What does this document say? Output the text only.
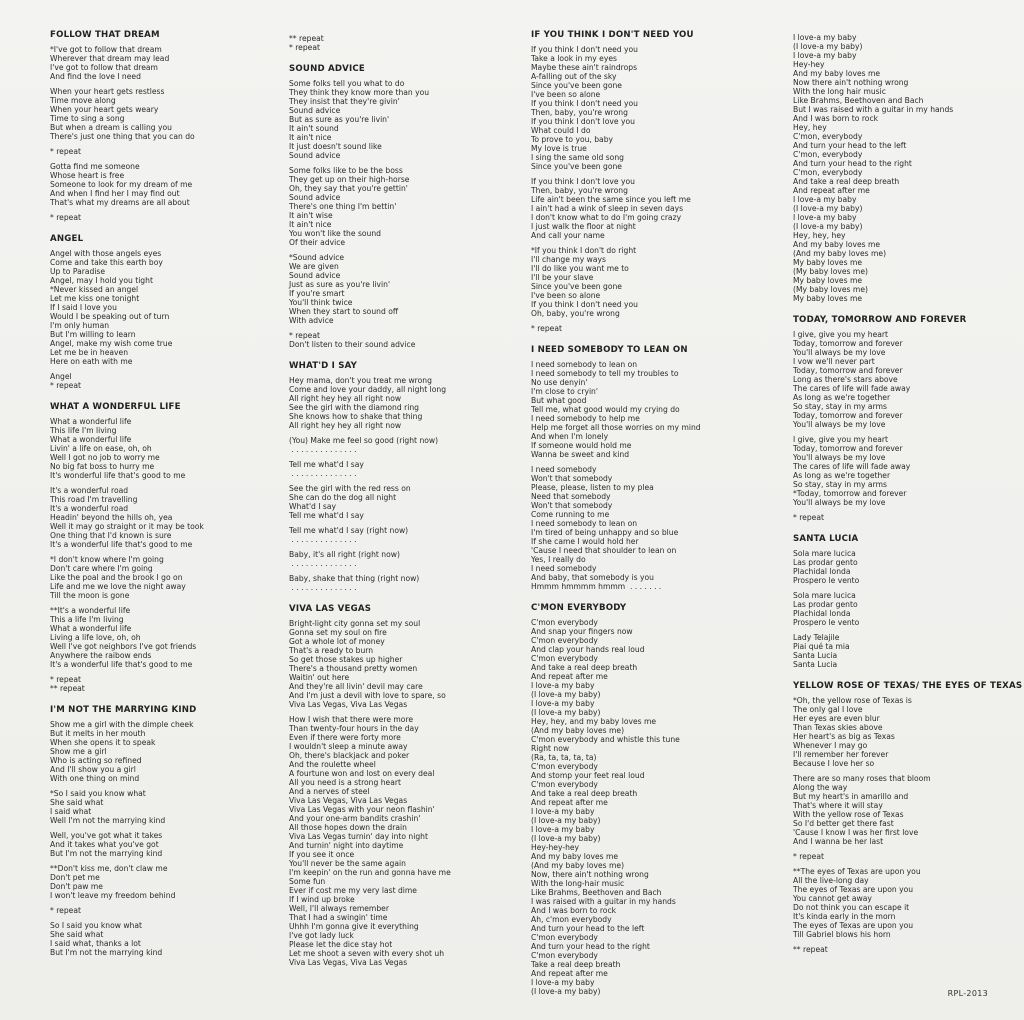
FOLLOW THAT DREAM
*I've got to follow that dream
Wherever that dream may lead
I've got to follow that dream
And find the love I need
When your heart gets restless
Time move along
When your heart gets weary
Time to sing a song
But when a dream is calling you
There's just one thing that you can do
* repeat
Gotta find me someone
Whose heart is free
Someone to look for my dream of me
And when I find her I may find out
That's what my dreams are all about
* repeat
ANGEL
Angel with those angels eyes
Come and take this earth boy
Up to Paradise
Angel, may I hold you tight
*Never kissed an angel
Let me kiss one tonight
If I said I love you
Would I be speaking out of turn
I'm only human
But I'm willing to learn
Angel, make my wish come true
Let me be in heaven
Here on eath with me
Angel
* repeat
WHAT A WONDERFUL LIFE
What a wonderful life
This life I'm living
What a wonderful life
Livin' a life on ease, oh, oh
Well I got no job to worry me
No big fat boss to hurry me
It's wonderful life that's good to me
It's a wonderful road
This road I'm travelling
It's a wonderful road
Headin' beyond the hills oh, yea
Well it may go straight or it may be took
One thing that I'd known is sure
It's a wonderful life that's good to me
*I don't know where I'm going
Don't care where I'm going
Like the poal and the brook I go on
Life and me we love the night away
Till the moon is gone
**It's a wonderful life
This a life I'm living
What a wonderful life
Living a life love, oh, oh
Well I've got neighbors I've got friends
Anywhere the raibow ends
It's a wonderful life that's good to me
* repeat
** repeat
I'M NOT THE MARRYING KIND
Show me a girl with the dimple cheek
But it melts in her mouth
When she opens it to speak
Show me a girl
Who is acting so refined
And I'll show you a girl
With one thing on mind
*So I said you know what
She said what
I said what
Well I'm not the marrying kind
Well, you've got what it takes
And it takes what you've got
But I'm not the marrying kind
**Don't kiss me, don't claw me
Don't pet me
Don't paw me
I won't leave my freedom behind
* repeat
So I said you know what
She said what
I said what, thanks a lot
But I'm not the marrying kind
** repeat
* repeat
SOUND ADVICE
Some folks tell you what to do
They think they know more than you
They insist that they're givin'
Sound advice
But as sure as you're livin'
It ain't sound
It ain't nice
It just doesn't sound like
Sound advice
Some folks like to be the boss
They get up on their high-horse
Oh, they say that you're gettin'
Sound advice
There's one thing I'm bettin'
It ain't wise
It ain't nice
You won't like the sound
Of their advice
*Sound advice
We are given
Sound advice
Just as sure as you're livin'
If you're smart
You'll think twice
When they start to sound off
With advice
* repeat
Don't listen to their sound advice
WHAT'D I SAY
Hey mama, don't you treat me wrong
Come and love your daddy, all night long
All right hey hey all right now
See the girl with the diamond ring
She knows how to shake that thing
All right hey hey all right now
(You) Make me feel so good (right now)
. . . . . . . . . . . . . .
Tell me what'd I say
. . . . . . . . . . . . . .
See the girl with the red ress on
She can do the dog all night
What'd I say
Tell me what'd I say
Tell me what'd I say (right now)
. . . . . . . . . . . . . .
Baby, it's all right (right now)
. . . . . . . . . . . . . .
Baby, shake that thing (right now)
. . . . . . . . . . . . . .
VIVA LAS VEGAS
Bright-light city gonna set my soul
Gonna set my soul on fire
Got a whole lot of money
That's a ready to burn
So get those stakes up higher
There's a thousand pretty women
Waitin' out here
And they're all livin' devil may care
And I'm just a devil with love to spare, so
Viva Las Vegas, Viva Las Vegas
How I wish that there were more
Than twenty-four hours in the day
Even if there were forty more
I wouldn't sleep a minute away
Oh, there's blackjack and poker
And the roulette wheel
A fourtune won and lost on every deal
All you need is a strong heart
And a nerves of steel
Viva Las Vegas, Viva Las Vegas
Viva Las Vegas with your neon flashin'
And your one-arm bandits crashin'
All those hopes down the drain
Viva Las Vegas turnin' day into night
And turnin' night into daytime
If you see it once
You'll never be the same again
I'm keepin' on the run and gonna have me
Some fun
Ever if cost me my very last dime
If I wind up broke
Well, I'll always remember
That I had a swingin' time
Uhhh I'm gonna give it everything
I've got lady luck
Please let the dice stay hot
Let me shoot a seven with every shot uh
Viva Las Vegas, Viva Las Vegas
IF YOU THINK I DON'T NEED YOU
If you think I don't need you
Take a look in my eyes
Maybe these ain't raindrops
A-falling out of the sky
Since you've been gone
I've been so alone
If you think I don't need you
Then, baby, you're wrong
If you think I don't love you
What could I do
To prove to you, baby
My love is true
I sing the same old song
Since you've been gone
If you think I don't love you
Then, baby, you're wrong
Life ain't been the same since you left me
I ain't had a wink of sleep in seven days
I don't know what to do I'm going crazy
I just walk the floor at night
And call your name
*If you think I don't do right
I'll change my ways
I'll do like you want me to
I'll be your slave
Since you've been gone
I've been so alone
If you think I don't need you
Oh, baby, you're wrong
* repeat
I NEED SOMEBODY TO LEAN ON
I need somebody to lean on
I need somebody to tell my troubles to
No use denyin'
I'm close to cryin'
But what good
Tell me, what good would my crying do
I need somebody to help me
Help me forget all those worries on my mind
And when I'm lonely
If someone would hold me
Wanna be sweet and kind
I need somebody
Won't that somebody
Please, please, listen to my plea
Need that somebody
Won't that somebody
Come running to me
I need somebody to lean on
I'm tired of being unhappy and so blue
If she came I would hold her
'Cause I need that shoulder to lean on
Yes, I really do
I need somebody
And baby, that somebody is you
Hmmm hmmmm hmmm  . . . . . . .
C'MON EVERYBODY
C'mon everybody
And snap your fingers now
C'mon everybody
And clap your hands real loud
C'mon everybody
And take a real deep breath
And repeat after me
I love-a my baby
(I love-a my baby)
I love-a my baby
(I love-a my baby)
Hey, hey, and my baby loves me
(And my baby loves me)
C'mon everybody and whistle this tune
Right now
(Ra, ta, ta, ta, ta)
C'mon everybody
And stomp your feet real loud
C'mon everybody
And take a real deep breath
And repeat after me
I love-a my baby
(I love-a my baby)
I love-a my baby
(I love-a my baby)
Hey-hey-hey
And my baby loves me
(And my baby loves me)
Now, there ain't nothing wrong
With the long-hair music
Like Brahms, Beethoven and Bach
I was raised with a guitar in my hands
And I was born to rock
Ah, c'mon everybody
And turn your head to the left
C'mon everybody
And turn your head to the right
C'mon everybody
Take a real deep breath
And repeat after me
I love-a my baby
(I love-a my baby)
I love-a my baby
(I love-a my baby)
I love-a my baby
Hey-hey
And my baby loves me
Now there ain't nothing wrong
With the long hair music
Like Brahms, Beethoven and Bach
But I was raised with a guitar in my hands
And I was born to rock
Hey, hey
C'mon, everybody
And turn your head to the left
C'mon, everybody
And turn your head to the right
C'mon, everybody
And take a real deep breath
And repeat after me
I love-a my baby
(I love-a my baby)
I love-a my baby
(I love-a my baby)
Hey, hey, hey
And my baby loves me
(And my baby loves me)
My baby loves me
(My baby loves me)
My baby loves me
(My baby loves me)
My baby loves me
TODAY, TOMORROW AND FOREVER
I give, give you my heart
Today, tomorrow and forever
You'll always be my love
I vow we'll never part
Today, tomorrow and forever
Long as there's stars above
The cares of life will fade away
As long as we're together
So stay, stay in my arms
Today, tomorrow and forever
You'll always be my love
I give, give you my heart
Today, tomorrow and forever
You'll always be my love
The cares of life will fade away
As long as we're together
So stay, stay in my arms
*Today, tomorrow and forever
You'll always be my love
* repeat
SANTA LUCIA
Sola mare lucica
Las prodar gento
Plachidal londa
Prospero le vento
Sola mare lucica
Las prodar gento
Plachidal londa
Prospero le vento
Lady Telajile
Piai qué ta mia
Santa Lucia
Santa Lucia
YELLOW ROSE OF TEXAS/ THE EYES OF TEXAS
*Oh, the yellow rose of Texas is
The only gal I love
Her eyes are even blur
Than Texas skies above
Her heart's as big as Texas
Whenever I may go
I'll remember her forever
Because I love her so
There are so many roses that bloom
Along the way
But my heart's in amarillo and
That's where it will stay
With the yellow rose of Texas
So I'd better get there fast
'Cause I know I was her first love
And I wanna be her last
* repeat
**The eyes of Texas are upon you
All the live-long day
The eyes of Texas are upon you
You cannot get away
Do not think you can escape it
It's kinda early in the morn
The eyes of Texas are upon you
Till Gabriel blows his horn
** repeat
RPL-2013
